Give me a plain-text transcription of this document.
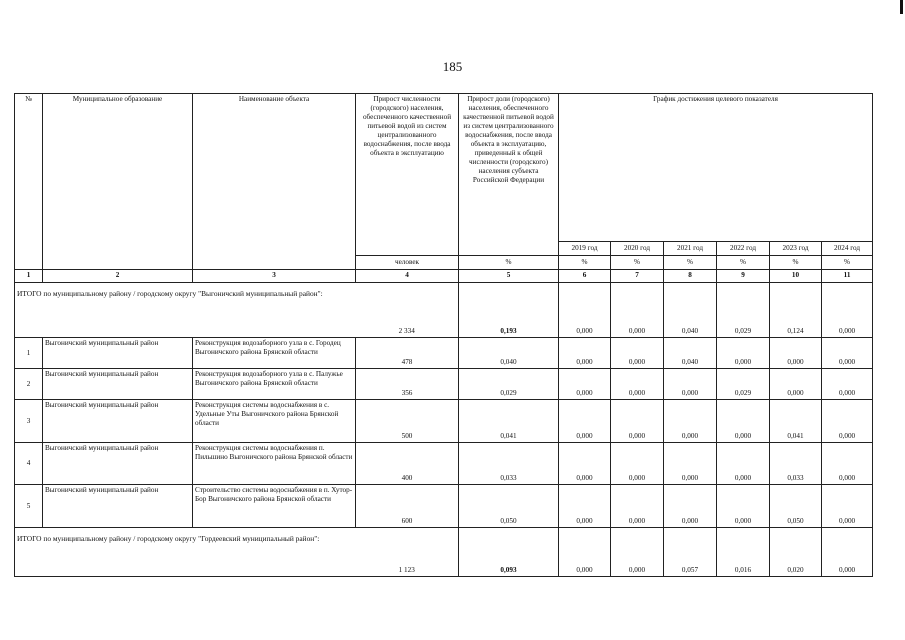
185
№	Муниципальное образование	Наименование объекта	Прирост численности (городского) населения, обеспеченного качественной питьевой водой из систем централизованного водоснабжения, после ввода объекта в эксплуатацию	Прирост доли (городского) населения, обеспеченного качественной питьевой водой из систем централизованного водоснабжения, после ввода объекта в эксплуатацию, приведенный к общей численности (городского) населения субъекта Российской Федерации	График достижения целевого показателя					
					2019 год	2020 год	2021 год	2022 год	2023 год	2024 год
			человек	%	%	%	%	%	%	%
1	2	3	4	5	6	7	8	9	10	11
ИТОГО по муниципальному району / городскому округу "Выгоничский муниципальный район":			2 334	0,193	0,000	0,000	0,040	0,029	0,124	0,000
1	Выгоничский муниципальный район	Реконструкция водозаборного узла в с. Городец Выгоничского района Брянской области	478	0,040	0,000	0,000	0,040	0,000	0,000	0,000
2	Выгоничский муниципальный район	Реконструкция водозаборного узла в с. Палужье Выгоничского района Брянской области	356	0,029	0,000	0,000	0,000	0,029	0,000	0,000
3	Выгоничский муниципальный район	Реконструкция системы водоснабжения в с. Удельные Уты Выгоничского района Брянской области	500	0,041	0,000	0,000	0,000	0,000	0,041	0,000
4	Выгоничский муниципальный район	Реконструкция системы водоснабжения п. Пильшино Выгоничского района Брянской области	400	0,033	0,000	0,000	0,000	0,000	0,033	0,000
5	Выгоничский муниципальный район	Строительство системы водоснабжения в п. Хутор-Бор Выгоничского района Брянской области	600	0,050	0,000	0,000	0,000	0,000	0,050	0,000
ИТОГО по муниципальному району / городскому округу "Гордеевский муниципальный район":			1 123	0,093	0,000	0,000	0,057	0,016	0,020	0,000
